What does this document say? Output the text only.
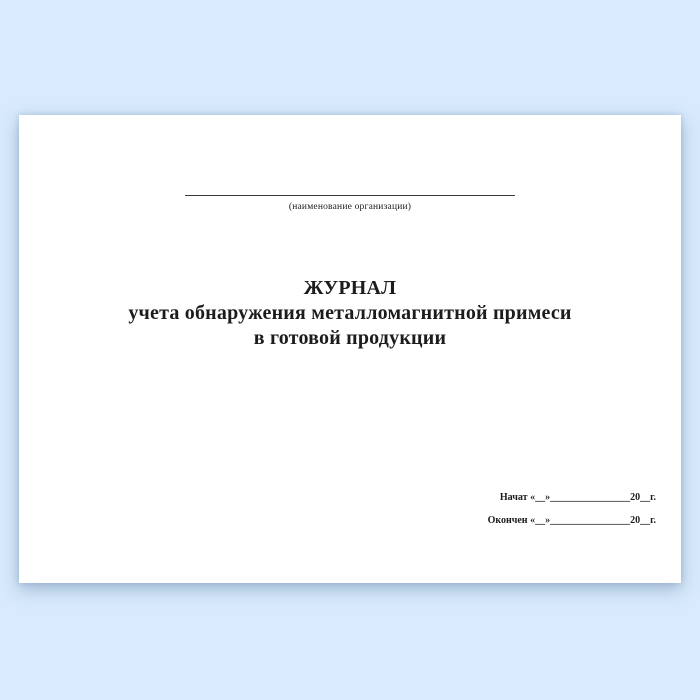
(наименование организации)
ЖУРНАЛ
учета обнаружения металломагнитной примеси
в готовой продукции
Начат «__»________________20__г.
Окончен «__»________________20__г.
